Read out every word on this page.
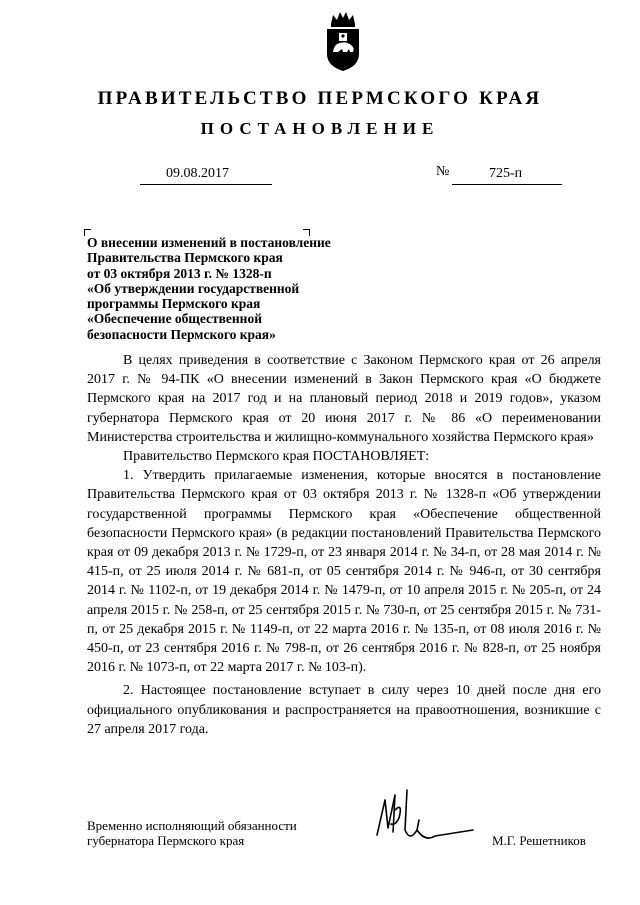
ПРАВИТЕЛЬСТВО ПЕРМСКОГО КРАЯ
ПОСТАНОВЛЕНИЕ
09.08.2017	№	725-п
О внесении изменений в постановление
Правительства Пермского края
от 03 октября 2013 г. № 1328-п
«Об утверждении государственной
программы Пермского края
«Обеспечение общественной
безопасности Пермского края»

В целях приведения в соответствие с Законом Пермского края от 26 апреля 2017 г. № 94-ПК «О внесении изменений в Закон Пермского края «О бюджете Пермского края на 2017 год и на плановый период 2018 и 2019 годов», указом губернатора Пермского края от 20 июня 2017 г. № 86 «О переименовании Министерства строительства и жилищно-коммунального хозяйства Пермского края»

Правительство Пермского края ПОСТАНОВЛЯЕТ:

1. Утвердить прилагаемые изменения, которые вносятся в постановление Правительства Пермского края от 03 октября 2013 г. № 1328-п «Об утверждении государственной программы Пермского края «Обеспечение общественной безопасности Пермского края» (в редакции постановлений Правительства Пермского края от 09 декабря 2013 г. № 1729-п, от 23 января 2014 г. № 34-п, от 28 мая 2014 г. № 415-п, от 25 июля 2014 г. № 681-п, от 05 сентября 2014 г. № 946-п, от 30 сентября 2014 г. № 1102-п, от 19 декабря 2014 г. № 1479-п, от 10 апреля 2015 г. № 205-п, от 24 апреля 2015 г. № 258-п, от 25 сентября 2015 г. № 730-п, от 25 сентября 2015 г. № 731-п, от 25 декабря 2015 г. № 1149-п, от 22 марта 2016 г. № 135-п, от 08 июля 2016 г. № 450-п, от 23 сентября 2016 г. № 798-п, от 26 сентября 2016 г. № 828-п, от 25 ноября 2016 г. № 1073-п, от 22 марта 2017 г. № 103-п).

2. Настоящее постановление вступает в силу через 10 дней после дня его официального опубликования и распространяется на правоотношения, возникшие с 27 апреля 2017 года.

Временно исполняющий обязанности
губернатора Пермского края	М.Г. Решетников
